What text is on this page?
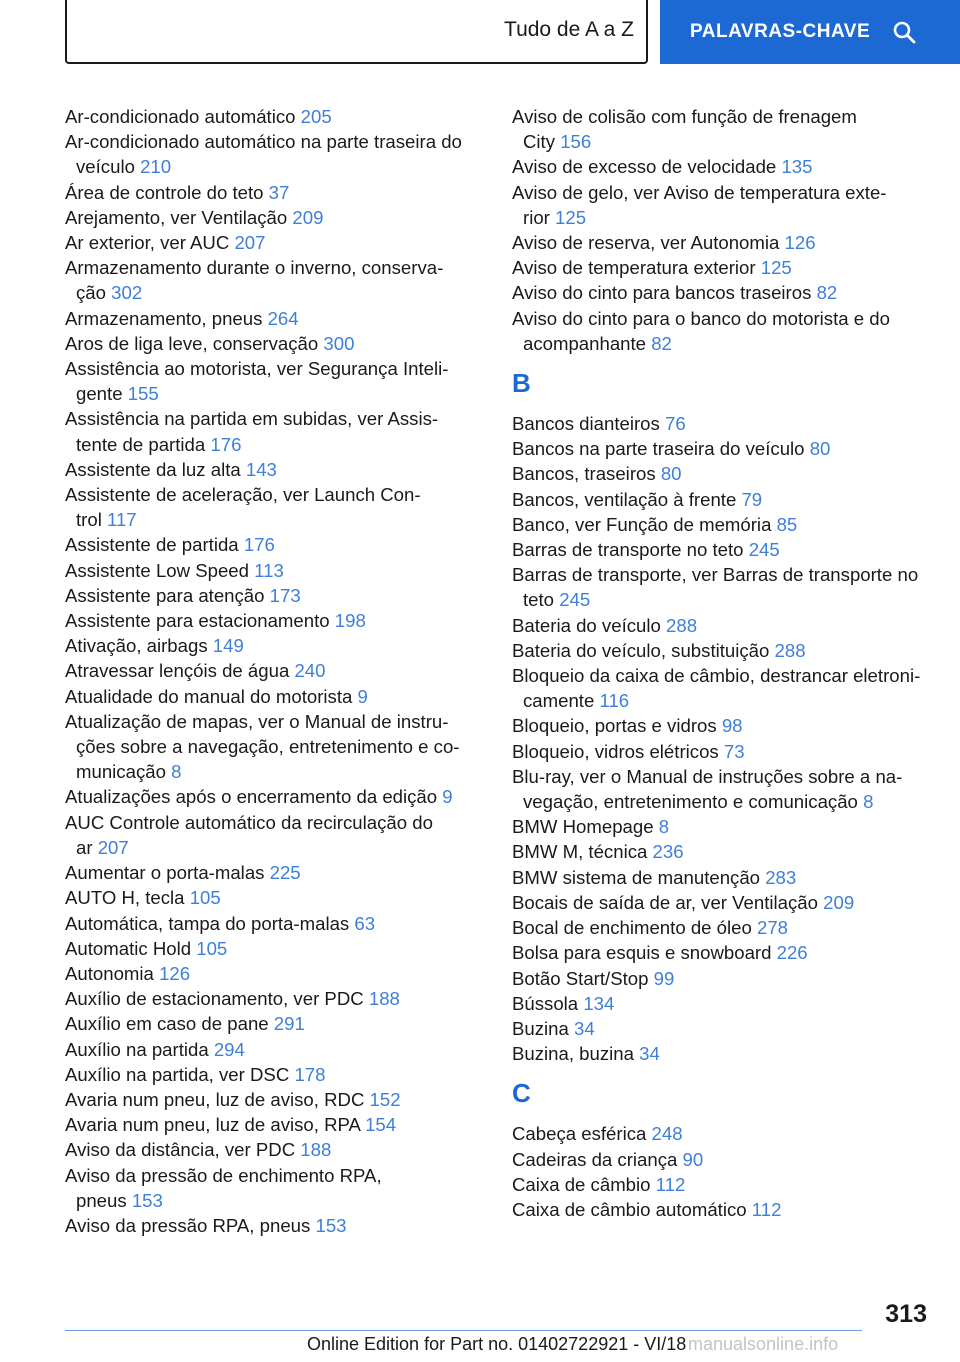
Tudo de A a Z	PALAVRAS-CHAVE
Ar-condicionado automático 205
Ar-condicionado automático na parte traseira do
veículo 210
Área de controle do teto 37
Arejamento, ver Ventilação 209
Ar exterior, ver AUC 207
Armazenamento durante o inverno, conserva-
ção 302
Armazenamento, pneus 264
Aros de liga leve, conservação 300
Assistência ao motorista, ver Segurança Inteli-
gente 155
Assistência na partida em subidas, ver Assis-
tente de partida 176
Assistente da luz alta 143
Assistente de aceleração, ver Launch Con-
trol 117
Assistente de partida 176
Assistente Low Speed 113
Assistente para atenção 173
Assistente para estacionamento 198
Ativação, airbags 149
Atravessar lençóis de água 240
Atualidade do manual do motorista 9
Atualização de mapas, ver o Manual de instru-
ções sobre a navegação, entretenimento e co-
municação 8
Atualizações após o encerramento da edição 9
AUC Controle automático da recirculação do
ar 207
Aumentar o porta-malas 225
AUTO H, tecla 105
Automática, tampa do porta-malas 63
Automatic Hold 105
Autonomia 126
Auxílio de estacionamento, ver PDC 188
Auxílio em caso de pane 291
Auxílio na partida 294
Auxílio na partida, ver DSC 178
Avaria num pneu, luz de aviso, RDC 152
Avaria num pneu, luz de aviso, RPA 154
Aviso da distância, ver PDC 188
Aviso da pressão de enchimento RPA,
pneus 153
Aviso da pressão RPA, pneus 153
Aviso de colisão com função de frenagem
City 156
Aviso de excesso de velocidade 135
Aviso de gelo, ver Aviso de temperatura exte-
rior 125
Aviso de reserva, ver Autonomia 126
Aviso de temperatura exterior 125
Aviso do cinto para bancos traseiros 82
Aviso do cinto para o banco do motorista e do
acompanhante 82
B
Bancos dianteiros 76
Bancos na parte traseira do veículo 80
Bancos, traseiros 80
Bancos, ventilação à frente 79
Banco, ver Função de memória 85
Barras de transporte no teto 245
Barras de transporte, ver Barras de transporte no
teto 245
Bateria do veículo 288
Bateria do veículo, substituição 288
Bloqueio da caixa de câmbio, destrancar eletroni-
camente 116
Bloqueio, portas e vidros 98
Bloqueio, vidros elétricos 73
Blu-ray, ver o Manual de instruções sobre a na-
vegação, entretenimento e comunicação 8
BMW Homepage 8
BMW M, técnica 236
BMW sistema de manutenção 283
Bocais de saída de ar, ver Ventilação 209
Bocal de enchimento de óleo 278
Bolsa para esquis e snowboard 226
Botão Start/Stop 99
Bússola 134
Buzina 34
Buzina, buzina 34
C
Cabeça esférica 248
Cadeiras da criança 90
Caixa de câmbio 112
Caixa de câmbio automático 112
313
Online Edition for Part no. 01402722921 - VI/18 manualsonline.info
